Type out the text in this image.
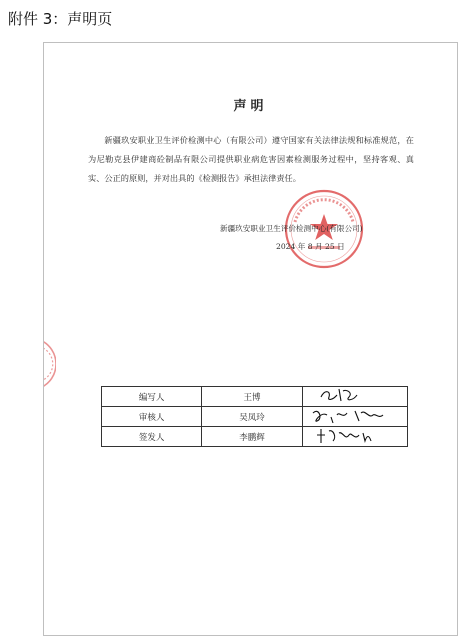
附件 3：声明页
声明

新疆玖安职业卫生评价检测中心（有限公司）遵守国家有关法律法规和标准规范，在为尼勒克县伊建商砼制品有限公司提供职业病危害因素检测服务过程中，坚持客观、真实、公正的原则，并对出具的《检测报告》承担法律责任。

新疆玖安职业卫生评价检测中心(有限公司)
2024 年 8 月 25 日
编写人	王博	

审核人	吴凤玲	

签发人	李鹏辉	
